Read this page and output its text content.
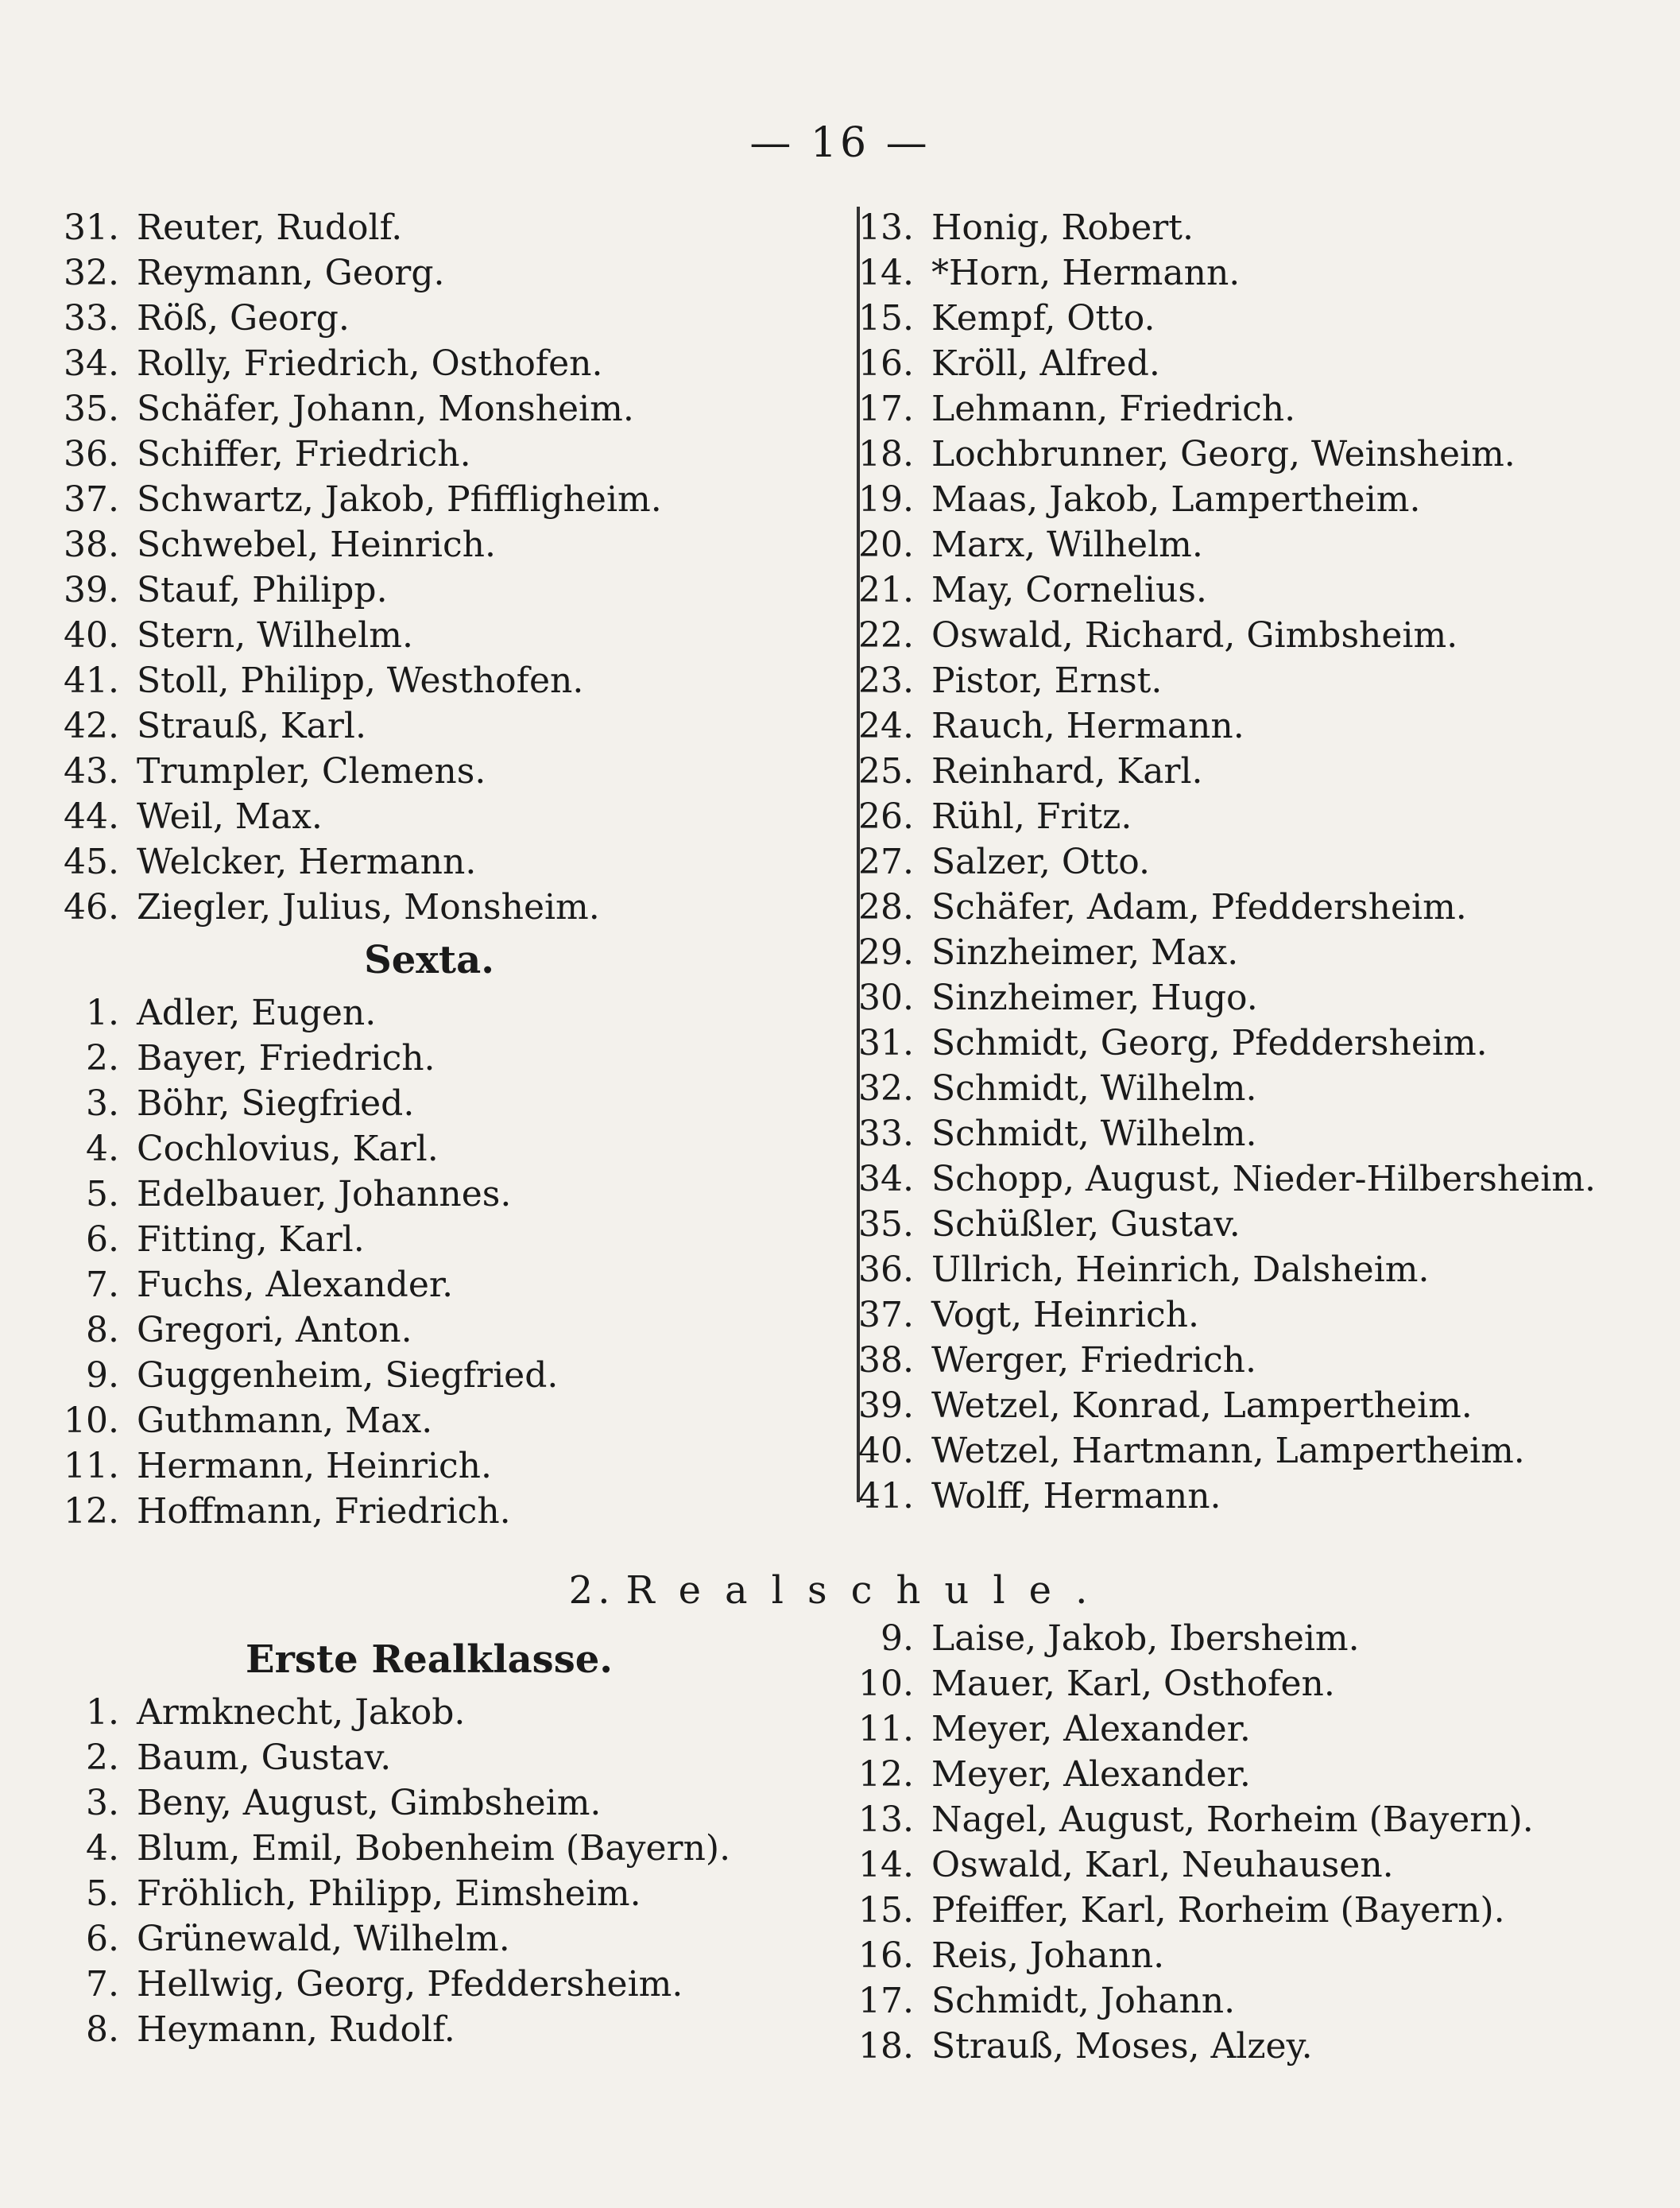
— 16 —
31. Reuter, Rudolf.
32. Reymann, Georg.
33. Röß, Georg.
34. Rolly, Friedrich, Osthofen.
35. Schäfer, Johann, Monsheim.
36. Schiffer, Friedrich.
37. Schwartz, Jakob, Pfiffligheim.
38. Schwebel, Heinrich.
39. Stauf, Philipp.
40. Stern, Wilhelm.
41. Stoll, Philipp, Westhofen.
42. Strauß, Karl.
43. Trumpler, Clemens.
44. Weil, Max.
45. Welcker, Hermann.
46. Ziegler, Julius, Monsheim.
Sexta.
1. Adler, Eugen.
2. Bayer, Friedrich.
3. Böhr, Siegfried.
4. Cochlovius, Karl.
5. Edelbauer, Johannes.
6. Fitting, Karl.
7. Fuchs, Alexander.
8. Gregori, Anton.
9. Guggenheim, Siegfried.
10. Guthmann, Max.
11. Hermann, Heinrich.
12. Hoffmann, Friedrich.
13. Honig, Robert.
14. *Horn, Hermann.
15. Kempf, Otto.
16. Kröll, Alfred.
17. Lehmann, Friedrich.
18. Lochbrunner, Georg, Weinsheim.
19. Maas, Jakob, Lampertheim.
20. Marx, Wilhelm.
21. May, Cornelius.
22. Oswald, Richard, Gimbsheim.
23. Pistor, Ernst.
24. Rauch, Hermann.
25. Reinhard, Karl.
26. Rühl, Fritz.
27. Salzer, Otto.
28. Schäfer, Adam, Pfeddersheim.
29. Sinzheimer, Max.
30. Sinzheimer, Hugo.
31. Schmidt, Georg, Pfeddersheim.
32. Schmidt, Wilhelm.
33. Schmidt, Wilhelm.
34. Schopp, August, Nieder-Hilbersheim.
35. Schüßler, Gustav.
36. Ullrich, Heinrich, Dalsheim.
37. Vogt, Heinrich.
38. Werger, Friedrich.
39. Wetzel, Konrad, Lampertheim.
40. Wetzel, Hartmann, Lampertheim.
41. Wolff, Hermann.
2. Realschule.
Erste Realklasse.
1. Armknecht, Jakob.
2. Baum, Gustav.
3. Beny, August, Gimbsheim.
4. Blum, Emil, Bobenheim (Bayern).
5. Fröhlich, Philipp, Eimsheim.
6. Grünewald, Wilhelm.
7. Hellwig, Georg, Pfeddersheim.
8. Heymann, Rudolf.
9. Laise, Jakob, Ibersheim.
10. Mauer, Karl, Osthofen.
11. Meyer, Alexander.
12. Meyer, Alexander.
13. Nagel, August, Rorheim (Bayern).
14. Oswald, Karl, Neuhausen.
15. Pfeiffer, Karl, Rorheim (Bayern).
16. Reis, Johann.
17. Schmidt, Johann.
18. Strauß, Moses, Alzey.
